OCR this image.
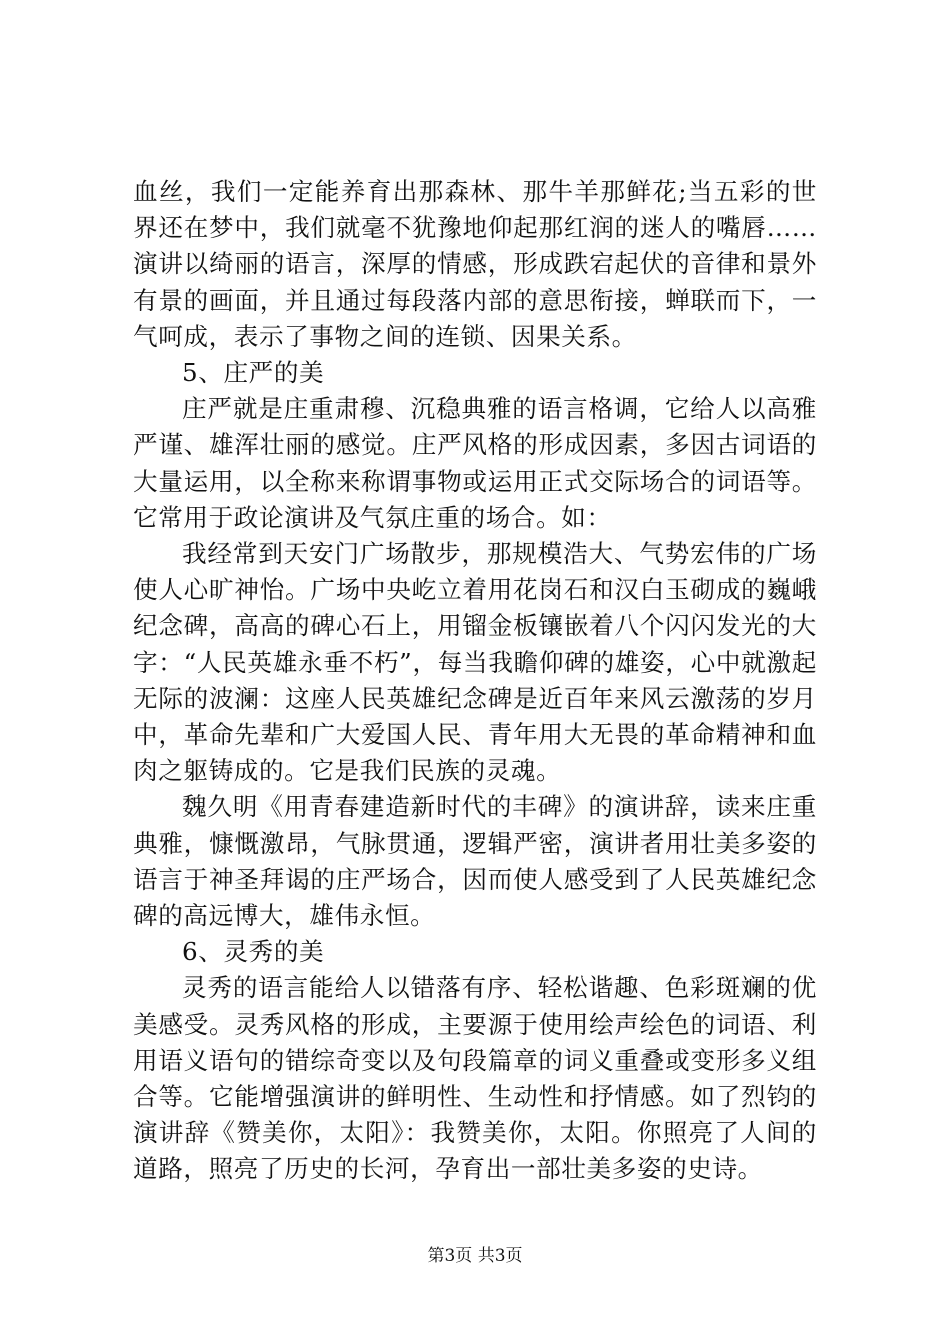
血丝，我们一定能养育出那森林、那牛羊那鲜花;当五彩的世界还在梦中，我们就毫不犹豫地仰起那红润的迷人的嘴唇……演讲以绮丽的语言，深厚的情感，形成跌宕起伏的音律和景外有景的画面，并且通过每段落内部的意思衔接，蝉联而下，一气呵成，表示了事物之间的连锁、因果关系。

5、庄严的美

庄严就是庄重肃穆、沉稳典雅的语言格调，它给人以高雅严谨、雄浑壮丽的感觉。庄严风格的形成因素，多因古词语的大量运用，以全称来称谓事物或运用正式交际场合的词语等。它常用于政论演讲及气氛庄重的场合。如：

我经常到天安门广场散步，那规模浩大、气势宏伟的广场使人心旷神怡。广场中央屹立着用花岗石和汉白玉砌成的巍峨纪念碑，高高的碑心石上，用镏金板镶嵌着八个闪闪发光的大字：“人民英雄永垂不朽”，每当我瞻仰碑的雄姿，心中就激起无际的波澜：这座人民英雄纪念碑是近百年来风云激荡的岁月中，革命先辈和广大爱国人民、青年用大无畏的革命精神和血肉之躯铸成的。它是我们民族的灵魂。

魏久明《用青春建造新时代的丰碑》的演讲辞，读来庄重典雅，慷慨激昂，气脉贯通，逻辑严密，演讲者用壮美多姿的语言于神圣拜谒的庄严场合，因而使人感受到了人民英雄纪念碑的高远博大，雄伟永恒。

6、灵秀的美

灵秀的语言能给人以错落有序、轻松谐趣、色彩斑斓的优美感受。灵秀风格的形成，主要源于使用绘声绘色的词语、利用语义语句的错综奇变以及句段篇章的词义重叠或变形多义组合等。它能增强演讲的鲜明性、生动性和抒情感。如了烈钧的演讲辞《赞美你，太阳》：我赞美你，太阳。你照亮了人间的道路，照亮了历史的长河，孕育出一部壮美多姿的史诗。

第3页 共3页
